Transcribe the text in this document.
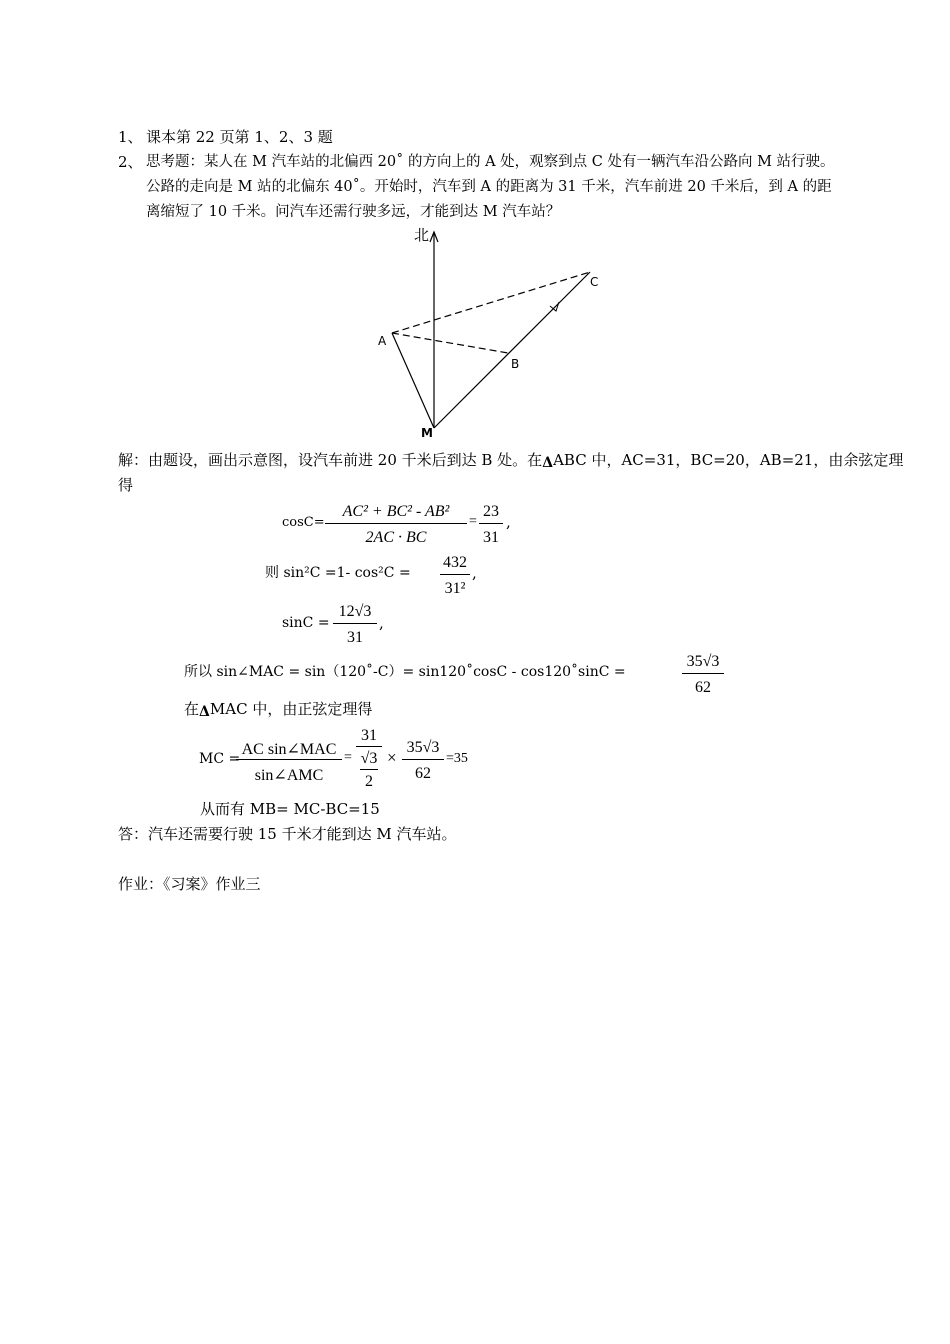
1、 课本第 22 页第 1、2、3 题
2、 思考题：某人在 M 汽车站的北偏西 20˚ 的方向上的 A 处，观察到点 C 处有一辆汽车沿公路向 M 站行驶。
公路的走向是 M 站的北偏东 40˚。开始时，汽车到 A 的距离为 31 千米，汽车前进 20 千米后，到 A 的距
离缩短了 10 千米。问汽车还需行驶多远，才能到达 M 汽车站？
北
A
B
C
M
解：由题设，画出示意图，设汽车前进 20 千米后到达 B 处。在ΔABC 中，AC=31，BC=20，AB=21，由余弦定理
得
cosC=
AC² + BC² - AB²
2AC · BC
=
23
31
,
则 sin²C =1- cos²C =
432
31²
,
sinC =
12√3
31
,
所以 sin∠MAC = sin（120˚-C）= sin120˚cosC - cos120˚sinC =
35√3
62
在ΔMAC 中，由正弦定理得
MC =
AC sin∠MAC
sin∠AMC
=
31
√3
2
×
35√3
62
=35
从而有 MB= MC-BC=15
答：汽车还需要行驶 15 千米才能到达 M 汽车站。
作业：《习案》作业三
